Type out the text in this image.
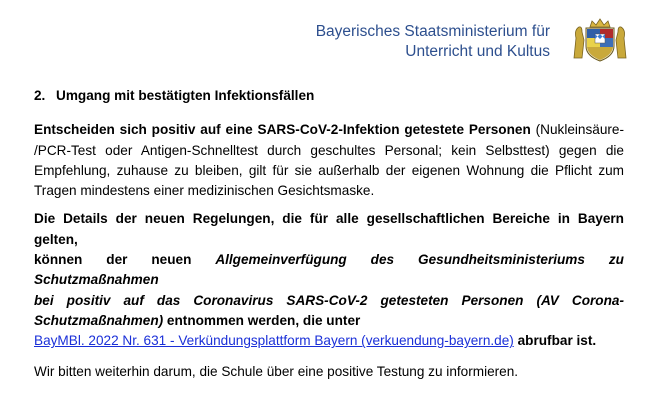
Bayerisches Staatsministerium für
Unterricht und Kultus

2. Umgang mit bestätigten Infektionsfällen

Entscheiden sich positiv auf eine SARS-CoV-2-Infektion getestete Personen (Nukleinsäure-

/PCR-Test oder Antigen-Schnelltest durch geschultes Personal; kein Selbsttest) gegen die

Empfehlung, zuhause zu bleiben, gilt für sie außerhalb der eigenen Wohnung die Pflicht zum

Tragen mindestens einer medizinischen Gesichtsmaske.

Die Details der neuen Regelungen, die für alle gesellschaftlichen Bereiche in Bayern gelten,

können der neuen Allgemeinverfügung des Gesundheitsministeriums zu Schutzmaßnahmen

bei positiv auf das Coronavirus SARS-CoV-2 getesteten Personen (AV Corona-

Schutzmaßnahmen) entnommen werden, die unter

BayMBl. 2022 Nr. 631 - Verkündungsplattform Bayern (verkuendung-bayern.de) abrufbar ist.

Wir bitten weiterhin darum, die Schule über eine positive Testung zu informieren.
